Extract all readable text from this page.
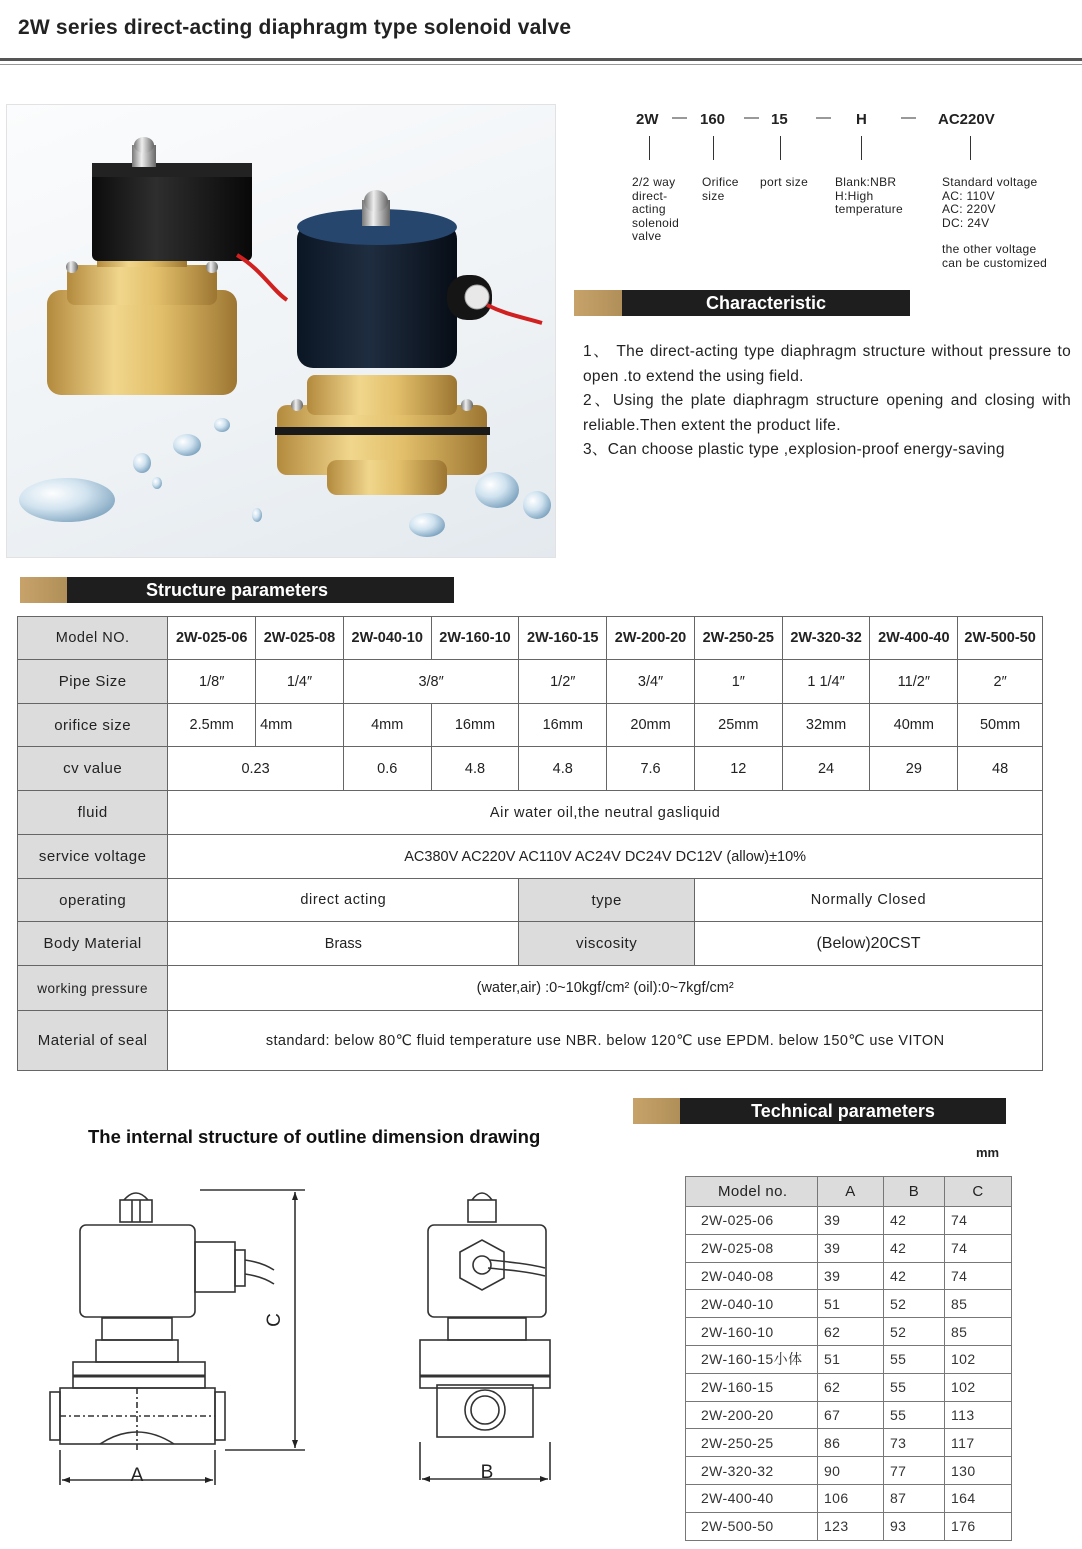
2W series direct-acting diaphragm type solenoid valve
2W — 160 — 15 — H — AC220V
2/2 way
direct-
acting
solenoid
valve
Orifice
size
port size Blank:NBR
H:High
temperature
Standard voltage
AC: 110V
AC: 220V
DC: 24V
the other voltage
can be customized
Characteristic

1、 The direct-acting type diaphragm structure without pressure to open .to extend the using field.

2、Using the plate diaphragm structure opening and closing with reliable.Then extent the product life.

3、Can choose plastic type ,explosion-proof energy-saving

Structure parameters
Model NO.	2W-025-06	2W-025-08	2W-040-10	2W-160-10	2W-160-15	2W-200-20	2W-250-25	2W-320-32	2W-400-40	2W-500-50
Pipe Size	1/8″	1/4″	3/8″		1/2″	3/4″	1″	1 1/4″	11/2″	2″
orifice size	2.5mm	4mm	4mm	16mm	16mm	20mm	25mm	32mm	40mm	50mm
cv value	0.23		0.6	4.8	4.8	7.6	12	24	29	48
fluid	Air water oil,the neutral gasliquid									
service voltage	AC380V AC220V AC110V AC24V DC24V DC12V (allow)±10%									
operating	direct acting				type		Normally Closed			
Body Material	Brass				viscosity		(Below)20CST			
working pressure	(water,air) :0~10kgf/cm² (oil):0~7kgf/cm²									
Material of seal	standard: below 80℃ fluid temperature use NBR. below 120℃ use EPDM. below 150℃ use VITON									
The internal structure of outline dimension drawing
Technical parameters
mm
A	B
C
Model no.	A	B	C
2W-025-06	39	42	74
2W-025-08	39	42	74
2W-040-08	39	42	74
2W-040-10	51	52	85
2W-160-10	62	52	85
2W-160-15小体	51	55	102
2W-160-15	62	55	102
2W-200-20	67	55	113
2W-250-25	86	73	117
2W-320-32	90	77	130
2W-400-40	106	87	164
2W-500-50	123	93	176
